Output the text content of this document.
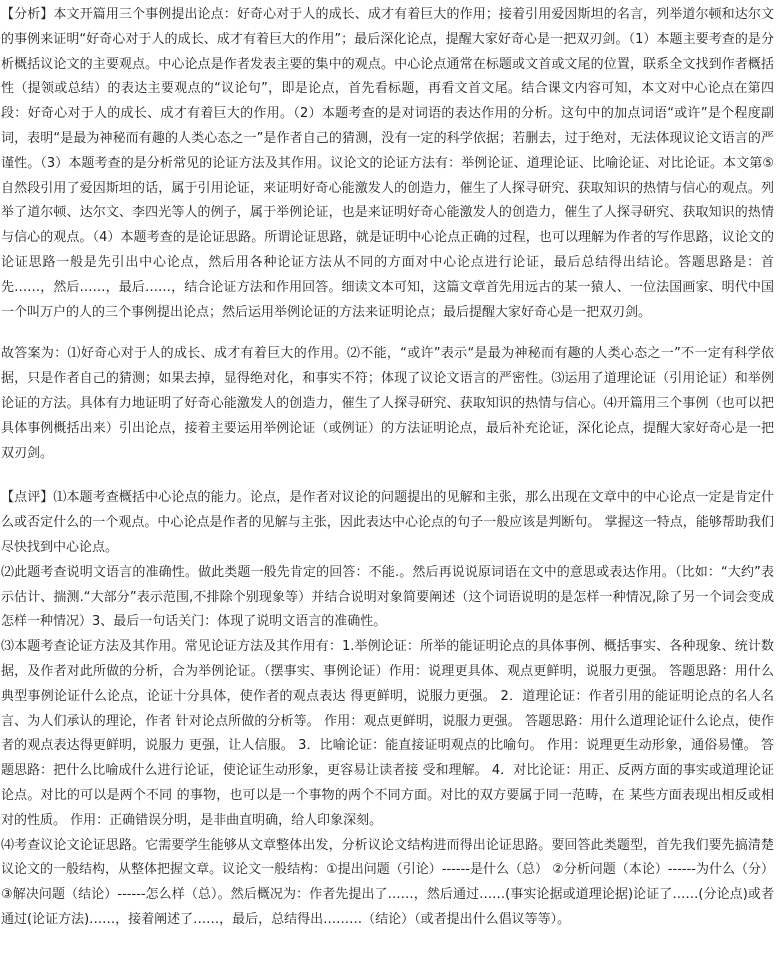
【分析】本文开篇用三个事例提出论点：好奇心对于人的成长、成才有着巨大的作用；接着引用爱因斯坦的名言，列举道尔顿和达尔文的事例来证明“好奇心对于人的成长、成才有着巨大的作用”；最后深化论点，提醒大家好奇心是一把双刃剑。（1）本题主要考查的是分析概括议论文的主要观点。中心论点是作者发表主要的集中的观点。中心论点通常在标题或文首或文尾的位置，联系全文找到作者概括性（提领或总结）的表达主要观点的“议论句”，即是论点，首先看标题，再看文首文尾。结合课文内容可知，本文对中心论点在第四段：好奇心对于人的成长、成才有着巨大的作用。（2）本题考查的是对词语的表达作用的分析。这句中的加点词语“或许”是个程度副词，表明“是最为神秘而有趣的人类心态之一”是作者自己的猜测，没有一定的科学依据；若删去，过于绝对，无法体现议论文语言的严谨性。（3）本题考查的是分析常见的论证方法及其作用。议论文的论证方法有：举例论证、道理论证、比喻论证、对比论证。本文第⑤自然段引用了爱因斯坦的话，属于引用论证，来证明好奇心能激发人的创造力，催生了人探寻研究、获取知识的热情与信心的观点。列举了道尔顿、达尔文、李四光等人的例子，属于举例论证，也是来证明好奇心能激发人的创造力，催生了人探寻研究、获取知识的热情与信心的观点。（4）本题考查的是论证思路。所谓论证思路，就是证明中心论点正确的过程，也可以理解为作者的写作思路，议论文的论证思路一般是先引出中心论点，然后用各种论证方法从不同的方面对中心论点进行论证，最后总结得出结论。答题思路是：首先……，然后……，最后……，结合论证方法和作用回答。细读文本可知，这篇文章首先用远古的某一猿人、一位法国画家、明代中国一个叫万户的人的三个事例提出论点；然后运用举例论证的方法来证明论点；最后提醒大家好奇心是一把双刃剑。

故答案为：⑴好奇心对于人的成长、成才有着巨大的作用。⑵不能，“或许”表示“是最为神秘而有趣的人类心态之一”不一定有科学依据，只是作者自己的猜测；如果去掉，显得绝对化，和事实不符；体现了议论文语言的严密性。⑶运用了道理论证（引用论证）和举例论证的方法。具体有力地证明了好奇心能激发人的创造力，催生了人探寻研究、获取知识的热情与信心。⑷开篇用三个事例（也可以把具体事例概括出来）引出论点，接着主要运用举例论证（或例证）的方法证明论点，最后补充论证，深化论点，提醒大家好奇心是一把双刃剑。

【点评】⑴本题考查概括中心论点的能力。论点，是作者对议论的问题提出的见解和主张，那么出现在文章中的中心论点一定是肯定什么或否定什么的一个观点。中心论点是作者的见解与主张，因此表达中心论点的句子一般应该是判断句。 掌握这一特点，能够帮助我们尽快找到中心论点。

⑵此题考查说明文语言的准确性。做此类题一般先肯定的回答：不能.。然后再说说原词语在文中的意思或表达作用。（比如：“大约”表示估计、揣测.“大部分”表示范围,不排除个别现象等）并结合说明对象简要阐述（这个词语说明的是怎样一种情况,除了另一个词会变成怎样一种情况）3、最后一句话关门：体现了说明文语言的准确性。

⑶本题考查论证方法及其作用。常见论证方法及其作用有：1.举例论证：所举的能证明论点的具体事例、概括事实、各种现象、统计数据，及作者对此所做的分析，合为举例论证。（摆事实、事例论证）作用：说理更具体、观点更鲜明，说服力更强。 答题思路：用什么典型事例论证什么论点，论证十分具体，使作者的观点表达 得更鲜明，说服力更强。 2．道理论证：作者引用的能证明论点的名人名言、为人们承认的理论，作者 针对论点所做的分析等。 作用：观点更鲜明，说服力更强。 答题思路：用什么道理论证什么论点，使作者的观点表达得更鲜明，说服力 更强，让人信服。 3．比喻论证：能直接证明观点的比喻句。 作用：说理更生动形象，通俗易懂。 答题思路：把什么比喻成什么进行论证，使论证生动形象，更容易让读者接 受和理解。 4．对比论证：用正、反两方面的事实或道理论证论点。对比的可以是两个不同 的事物，也可以是一个事物的两个不同方面。对比的双方要属于同一范畴，在 某些方面表现出相反或相对的性质。 作用：正确错误分明，是非曲直明确，给人印象深刻。

⑷考查议论文论证思路。它需要学生能够从文章整体出发，分析议论文结构进而得出论证思路。要回答此类题型，首先我们要先搞清楚议论文的一般结构，从整体把握文章。议论文一般结构：①提出问题（引论）------是什么（总） ②分析问题（本论）------为什么（分） ③解决问题（结论）------怎么样（总）。然后概况为：作者先提出了……，然后通过……(事实论据或道理论据)论证了……(分论点)或者通过(论证方法)……，接着阐述了……，最后，总结得出………（结论）（或者提出什么倡议等等）。
